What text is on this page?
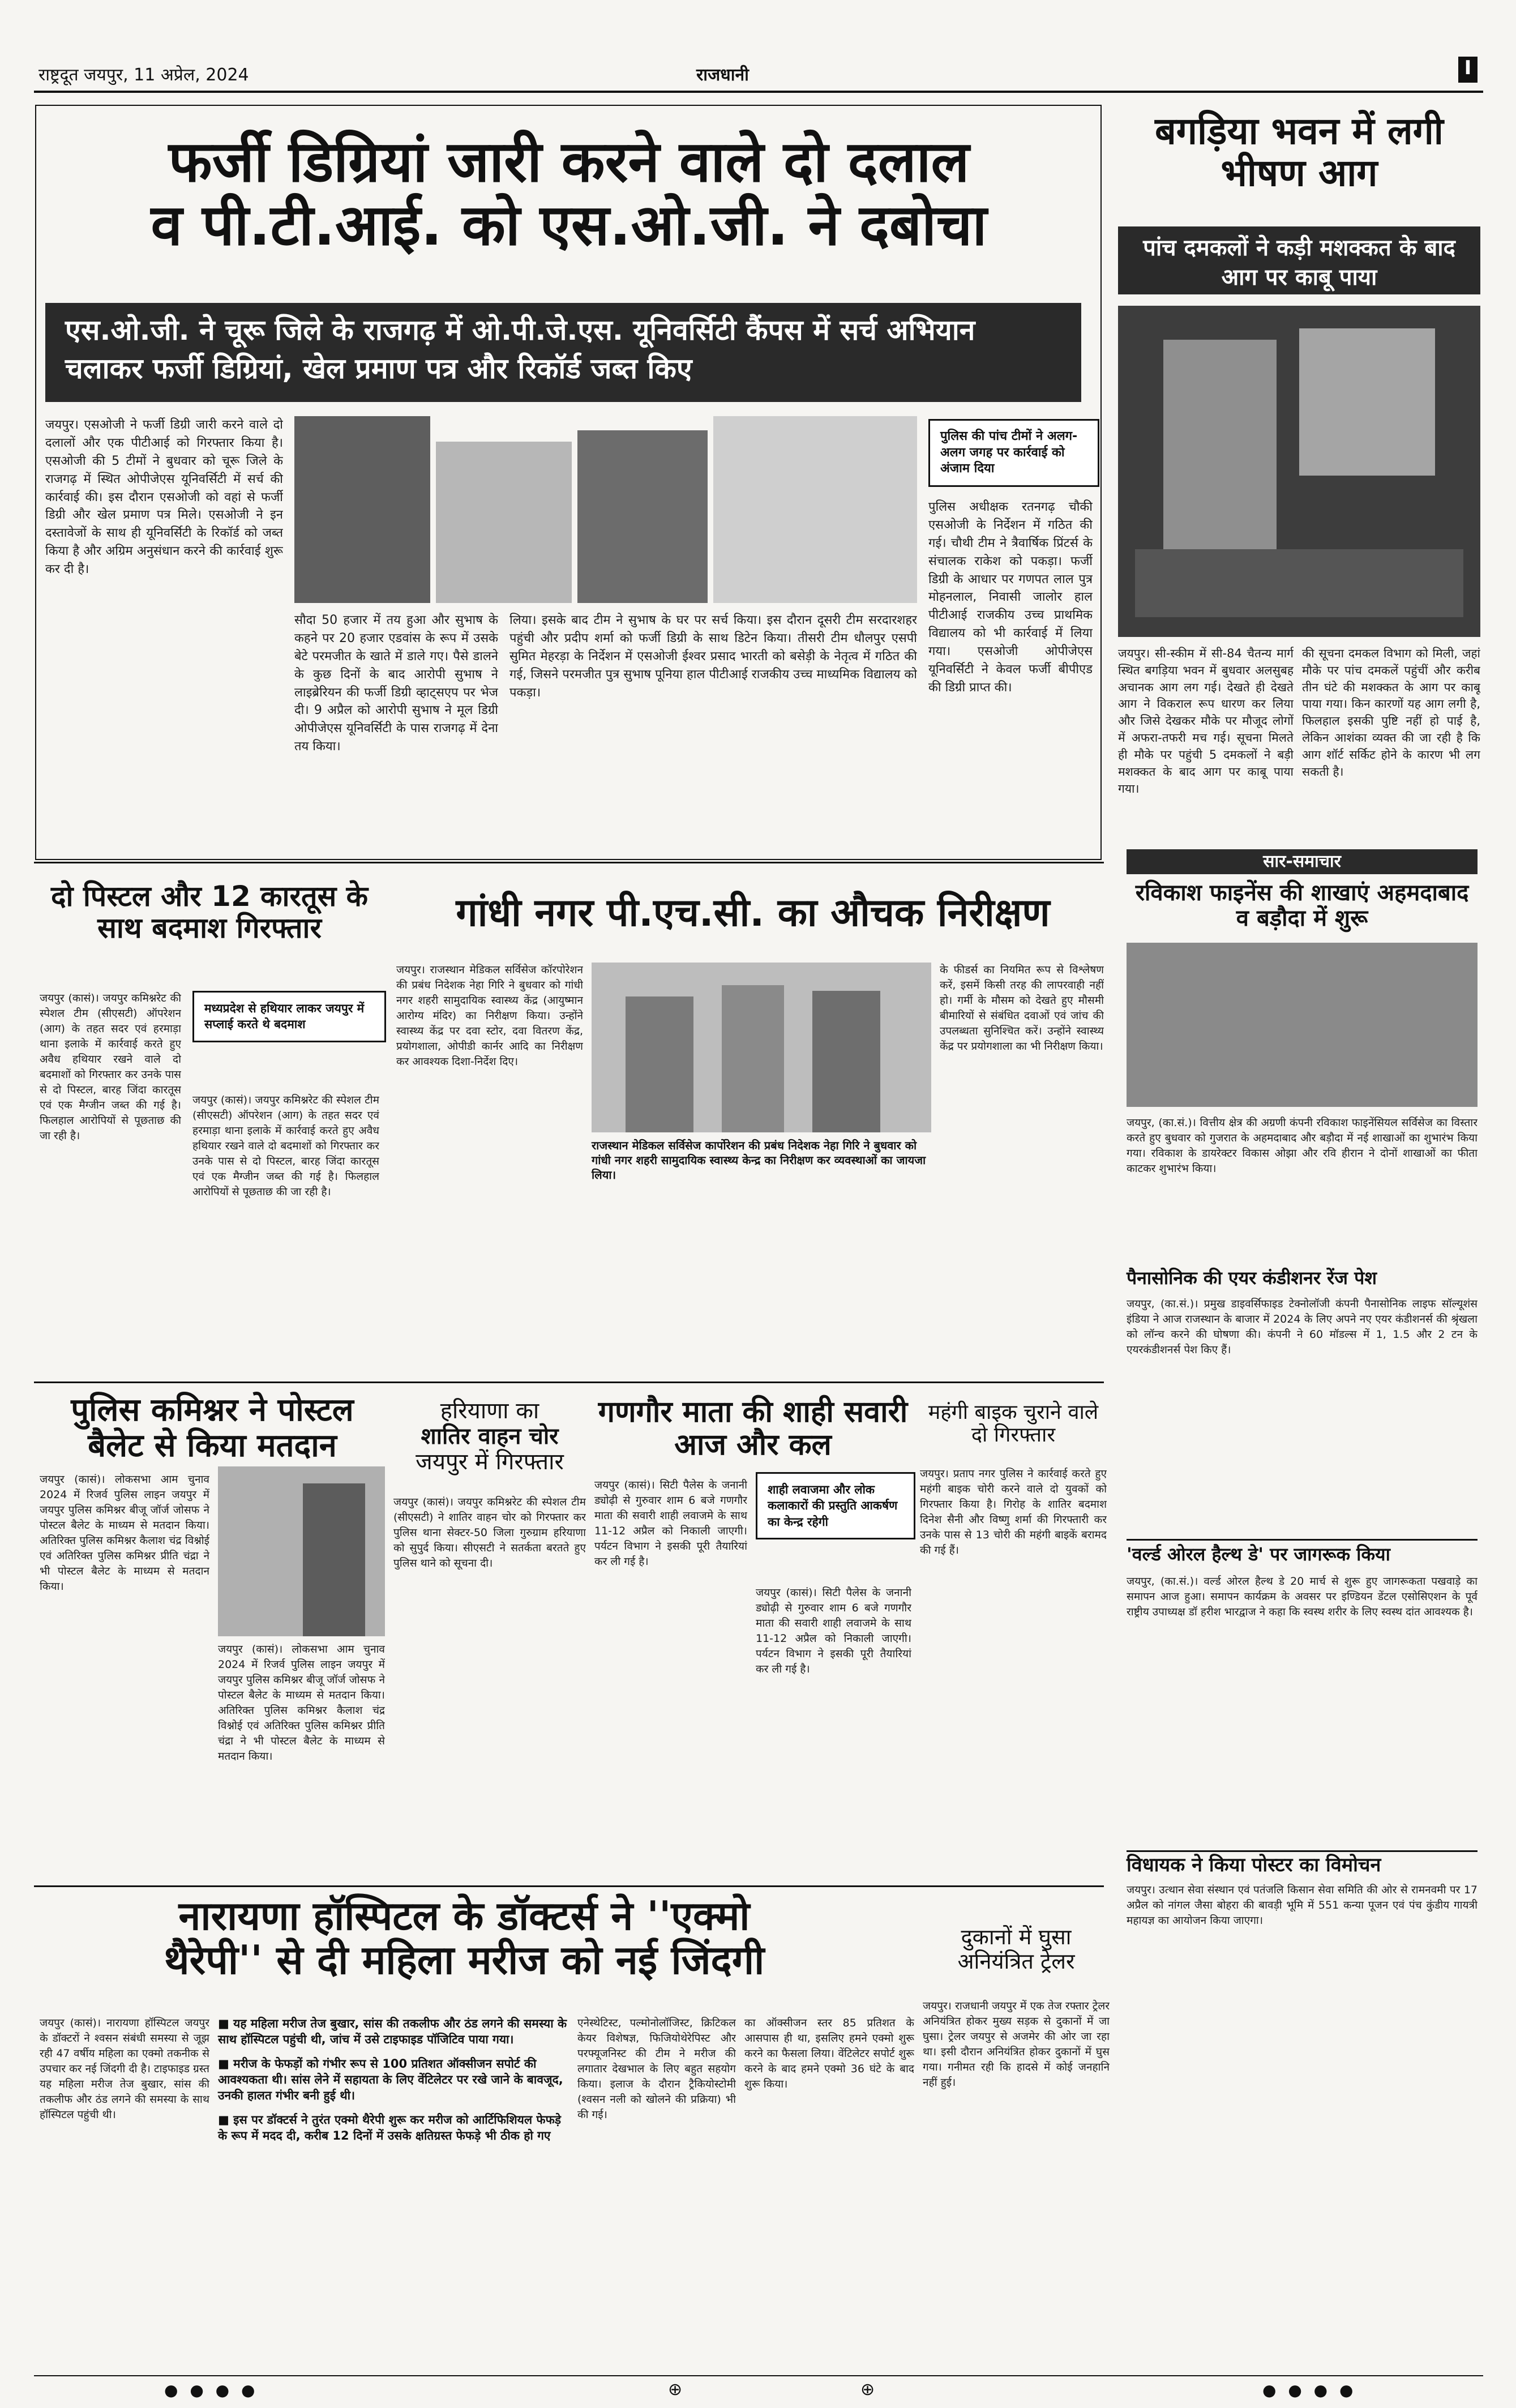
राष्ट्रदूत जयपुर, 11 अप्रेल, 2024	राजधानी	I
फर्जी डिग्रियां जारी करने वाले दो दलाल
व पी.टी.आई. को एस.ओ.जी. ने दबोचा
एस.ओ.जी. ने चूरू जिले के राजगढ़ में ओ.पी.जे.एस. यूनिवर्सिटी कैंपस में सर्च अभियान चलाकर फर्जी डिग्रियां, खेल प्रमाण पत्र और रिकॉर्ड जब्त किए
जयपुर। एसओजी ने फर्जी डिग्री जारी करने वाले दो दलालों और एक पीटीआई को गिरफ्तार किया है। एसओजी की 5 टीमों ने बुधवार को चूरू जिले के राजगढ़ में स्थित ओपीजेएस यूनिवर्सिटी में सर्च की कार्रवाई की। इस दौरान एसओजी को वहां से फर्जी डिग्री और खेल प्रमाण पत्र मिले। एसओजी ने इन दस्तावेजों के साथ ही यूनिवर्सिटी के रिकॉर्ड को जब्त किया है और अग्रिम अनुसंधान करने की कार्रवाई शुरू कर दी है।
पुलिस की पांच टीमों ने अलग-अलग जगह पर कार्रवाई को अंजाम दिया
सौदा 50 हजार में तय हुआ और सुभाष के कहने पर 20 हजार एडवांस के रूप में उसके बेटे परमजीत के खाते में डाले गए। पैसे डालने के कुछ दिनों के बाद आरोपी सुभाष ने लाइब्रेरियन की फर्जी डिग्री व्हाट्सएप पर भेज दी। 9 अप्रैल को आरोपी सुभाष ने मूल डिग्री ओपीजेएस यूनिवर्सिटी के पास राजगढ़ में देना तय किया।
लिया। इसके बाद टीम ने सुभाष के घर पर सर्च किया। इस दौरान दूसरी टीम सरदारशहर पहुंची और प्रदीप शर्मा को फर्जी डिग्री के साथ डिटेन किया। तीसरी टीम धौलपुर एसपी सुमित मेहरड़ा के निर्देशन में एसओजी ईश्वर प्रसाद भारती को बसेड़ी के नेतृत्व में गठित की गई, जिसने परमजीत पुत्र सुभाष पूनिया हाल पीटीआई राजकीय उच्च माध्यमिक विद्यालय को पकड़ा।
पुलिस अधीक्षक रतनगढ़ चौकी एसओजी के निर्देशन में गठित की गई। चौथी टीम ने त्रैवार्षिक प्रिंटर्स के संचालक राकेश को पकड़ा। फर्जी डिग्री के आधार पर गणपत लाल पुत्र मोहनलाल, निवासी जालोर हाल पीटीआई राजकीय उच्च प्राथमिक विद्यालय को भी कार्रवाई में लिया गया। एसओजी ओपीजेएस यूनिवर्सिटी ने केवल फर्जी बीपीएड की डिग्री प्राप्त की।
बगड़िया भवन में लगी भीषण आग
पांच दमकलों ने कड़ी मशक्कत के बाद आग पर काबू पाया
जयपुर। सी-स्कीम में सी-84 चैतन्य मार्ग स्थित बगड़िया भवन में बुधवार अलसुबह अचानक आग लग गई। देखते ही देखते आग ने विकराल रूप धारण कर लिया और जिसे देखकर मौके पर मौजूद लोगों में अफरा-तफरी मच गई। सूचना मिलते ही मौके पर पहुंची 5 दमकलों ने बड़ी मशक्कत के बाद आग पर काबू पाया गया।
की सूचना दमकल विभाग को मिली, जहां मौके पर पांच दमकलें पहुंचीं और करीब तीन घंटे की मशक्कत के आग पर काबू पाया गया। किन कारणों यह आग लगी है, फिलहाल इसकी पुष्टि नहीं हो पाई है, लेकिन आशंका व्यक्त की जा रही है कि आग शॉर्ट सर्किट होने के कारण भी लग सकती है।
दो पिस्टल और 12 कारतूस के साथ बदमाश गिरफ्तार
मध्यप्रदेश से हथियार लाकर जयपुर में सप्लाई करते थे बदमाश
जयपुर (कासं)। जयपुर कमिश्नरेट की स्पेशल टीम (सीएसटी) ऑपरेशन (आग) के तहत सदर एवं हरमाड़ा थाना इलाके में कार्रवाई करते हुए अवैध हथियार रखने वाले दो बदमाशों को गिरफ्तार कर उनके पास से दो पिस्टल, बारह जिंदा कारतूस एवं एक मैग्जीन जब्त की गई है। फिलहाल आरोपियों से पूछताछ की जा रही है।
जयपुर (कासं)। जयपुर कमिश्नरेट की स्पेशल टीम (सीएसटी) ऑपरेशन (आग) के तहत सदर एवं हरमाड़ा थाना इलाके में कार्रवाई करते हुए अवैध हथियार रखने वाले दो बदमाशों को गिरफ्तार कर उनके पास से दो पिस्टल, बारह जिंदा कारतूस एवं एक मैग्जीन जब्त की गई है। फिलहाल आरोपियों से पूछताछ की जा रही है।
गांधी नगर पी.एच.सी. का औचक निरीक्षण
जयपुर। राजस्थान मेडिकल सर्विसेज कॉरपोरेशन की प्रबंध निदेशक नेहा गिरि ने बुधवार को गांधी नगर शहरी सामुदायिक स्वास्थ्य केंद्र (आयुष्मान आरोग्य मंदिर) का निरीक्षण किया। उन्होंने स्वास्थ्य केंद्र पर दवा स्टोर, दवा वितरण केंद्र, प्रयोगशाला, ओपीडी कार्नर आदि का निरीक्षण कर आवश्यक दिशा-निर्देश दिए।
राजस्थान मेडिकल सर्विसेज कार्पोरेशन की प्रबंध निदेशक नेहा गिरि ने बुधवार को गांधी नगर शहरी सामुदायिक स्वास्थ्य केन्द्र का निरीक्षण कर व्यवस्थाओं का जायजा लिया।
के फीडर्स का नियमित रूप से विश्लेषण करें, इसमें किसी तरह की लापरवाही नहीं हो। गर्मी के मौसम को देखते हुए मौसमी बीमारियों से संबंधित दवाओं एवं जांच की उपलब्धता सुनिश्चित करें। उन्होंने स्वास्थ्य केंद्र पर प्रयोगशाला का भी निरीक्षण किया।
सार-समाचार
रविकाश फाइनेंस की शाखाएं अहमदाबाद व बड़ौदा में शुरू
जयपुर, (का.सं.)। वित्तीय क्षेत्र की अग्रणी कंपनी रविकाश फाइनेंसियल सर्विसेज का विस्तार करते हुए बुधवार को गुजरात के अहमदाबाद और बड़ौदा में नई शाखाओं का शुभारंभ किया गया। रविकाश के डायरेक्टर विकास ओझा और रवि हीरान ने दोनों शाखाओं का फीता काटकर शुभारंभ किया।
पैनासोनिक की एयर कंडीशनर रेंज पेश
जयपुर, (का.सं.)। प्रमुख डाइवर्सिफाइड टेक्नोलॉजी कंपनी पैनासोनिक लाइफ सॉल्यूशंस इंडिया ने आज राजस्थान के बाजार में 2024 के लिए अपने नए एयर कंडीशनर्स की श्रृंखला को लॉन्च करने की घोषणा की। कंपनी ने 60 मॉडल्स में 1, 1.5 और 2 टन के एयरकंडीशनर्स पेश किए हैं।
'वर्ल्ड ओरल हैल्थ डे' पर जागरूक किया
जयपुर, (का.सं.)। वर्ल्ड ओरल हैल्थ डे 20 मार्च से शुरू हुए जागरूकता पखवाड़े का समापन आज हुआ। समापन कार्यक्रम के अवसर पर इण्डियन डेंटल एसोसिएशन के पूर्व राष्ट्रीय उपाध्यक्ष डॉ हरीश भारद्वाज ने कहा कि स्वस्थ शरीर के लिए स्वस्थ दांत आवश्यक है।
विधायक ने किया पोस्टर का विमोचन
जयपुर। उत्थान सेवा संस्थान एवं पतंजलि किसान सेवा समिति की ओर से रामनवमी पर 17 अप्रैल को नांगल जैसा बोहरा की बावड़ी भूमि में 551 कन्या पूजन एवं पंच कुंडीय गायत्री महायज्ञ का आयोजन किया जाएगा।
पुलिस कमिश्नर ने पोस्टल बैलेट से किया मतदान
जयपुर (कासं)। लोकसभा आम चुनाव 2024 में रिजर्व पुलिस लाइन जयपुर में जयपुर पुलिस कमिश्नर बीजू जॉर्ज जोसफ ने पोस्टल बैलेट के माध्यम से मतदान किया। अतिरिक्त पुलिस कमिश्नर कैलाश चंद्र विश्नोई एवं अतिरिक्त पुलिस कमिश्नर प्रीति चंद्रा ने भी पोस्टल बैलेट के माध्यम से मतदान किया।
जयपुर (कासं)। लोकसभा आम चुनाव 2024 में रिजर्व पुलिस लाइन जयपुर में जयपुर पुलिस कमिश्नर बीजू जॉर्ज जोसफ ने पोस्टल बैलेट के माध्यम से मतदान किया। अतिरिक्त पुलिस कमिश्नर कैलाश चंद्र विश्नोई एवं अतिरिक्त पुलिस कमिश्नर प्रीति चंद्रा ने भी पोस्टल बैलेट के माध्यम से मतदान किया।
हरियाणा का
शातिर वाहन चोर
जयपुर में गिरफ्तार
जयपुर (कासं)। जयपुर कमिश्नरेट की स्पेशल टीम (सीएसटी) ने शातिर वाहन चोर को गिरफ्तार कर पुलिस थाना सेक्टर-50 जिला गुरुग्राम हरियाणा को सुपुर्द किया। सीएसटी ने सतर्कता बरतते हुए पुलिस थाने को सूचना दी।
गणगौर माता की शाही सवारी आज और कल
जयपुर (कासं)। सिटी पैलेस के जनानी ड्योढ़ी से गुरुवार शाम 6 बजे गणगौर माता की सवारी शाही लवाजमे के साथ 11-12 अप्रैल को निकाली जाएगी। पर्यटन विभाग ने इसकी पूरी तैयारियां कर ली गई है।
शाही लवाजमा और लोक कलाकारों की प्रस्तुति आकर्षण का केन्द्र रहेगी
जयपुर (कासं)। सिटी पैलेस के जनानी ड्योढ़ी से गुरुवार शाम 6 बजे गणगौर माता की सवारी शाही लवाजमे के साथ 11-12 अप्रैल को निकाली जाएगी। पर्यटन विभाग ने इसकी पूरी तैयारियां कर ली गई है।
महंगी बाइक चुराने वाले दो गिरफ्तार
जयपुर। प्रताप नगर पुलिस ने कार्रवाई करते हुए महंगी बाइक चोरी करने वाले दो युवकों को गिरफ्तार किया है। गिरोह के शातिर बदमाश दिनेश सैनी और विष्णु शर्मा की गिरफ्तारी कर उनके पास से 13 चोरी की महंगी बाइकें बरामद की गई हैं।
नारायणा हॉस्पिटल के डॉक्टर्स ने ''एक्मो
थैरेपी'' से दी महिला मरीज को नई जिंदगी
जयपुर (कासं)। नारायणा हॉस्पिटल जयपुर के डॉक्टरों ने श्वसन संबंधी समस्या से जूझ रही 47 वर्षीय महिला का एक्मो तकनीक से उपचार कर नई जिंदगी दी है। टाइफाइड ग्रस्त यह महिला मरीज तेज बुखार, सांस की तकलीफ और ठंड लगने की समस्या के साथ हॉस्पिटल पहुंची थी।
■ यह महिला मरीज तेज बुखार, सांस की तकलीफ और ठंड लगने की समस्या के साथ हॉस्पिटल पहुंची थी, जांच में उसे टाइफाइड पॉजिटिव पाया गया।
■ मरीज के फेफड़ों को गंभीर रूप से 100 प्रतिशत ऑक्सीजन सपोर्ट की आवश्यकता थी। सांस लेने में सहायता के लिए वेंटिलेटर पर रखे जाने के बावजूद, उनकी हालत गंभीर बनी हुई थी।
■ इस पर डॉक्टर्स ने तुरंत एक्मो थैरेपी शुरू कर मरीज को आर्टिफिशियल फेफड़े के रूप में मदद दी, करीब 12 दिनों में उसके क्षतिग्रस्त फेफड़े भी ठीक हो गए
एनेस्थेटिस्ट, पल्मोनोलॉजिस्ट, क्रिटिकल केयर विशेषज्ञ, फिजियोथेरेपिस्ट और परफ्यूजनिस्ट की टीम ने मरीज की लगातार देखभाल के लिए बहुत सहयोग किया। इलाज के दौरान ट्रैकियोस्टोमी (श्वसन नली को खोलने की प्रक्रिया) भी की गई।
का ऑक्सीजन स्तर 85 प्रतिशत के आसपास ही था, इसलिए हमने एक्मो शुरू करने का फैसला लिया। वेंटिलेटर सपोर्ट शुरू करने के बाद हमने एक्मो 36 घंटे के बाद शुरू किया।
दुकानों में घुसा अनियंत्रित ट्रेलर
जयपुर। राजधानी जयपुर में एक तेज रफ्तार ट्रेलर अनियंत्रित होकर मुख्य सड़क से दुकानों में जा घुसा। ट्रेलर जयपुर से अजमेर की ओर जा रहा था। इसी दौरान अनियंत्रित होकर दुकानों में घुस गया। गनीमत रही कि हादसे में कोई जनहानि नहीं हुई।
● ● ● ●	⊕	⊕	● ● ● ●
